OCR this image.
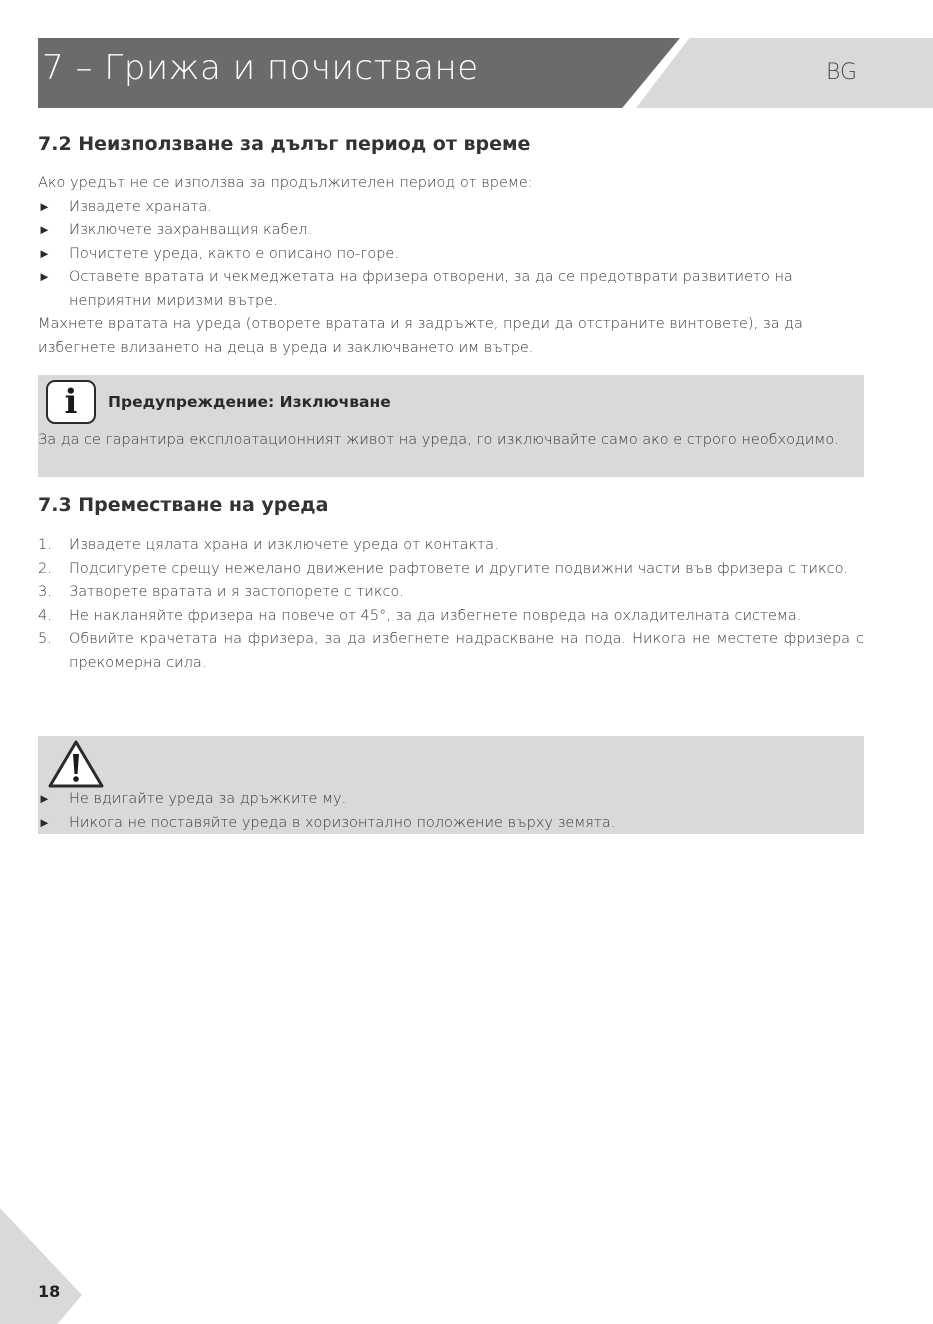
7 – Грижа и почистване	BG
7.2 Неизползване за дълъг период от време

Ако уредът не се използва за продължителен период от време:

►	Извадете храната.
►	Изключете захранващия кабел.
►	Почистете уреда, както е описано по-горе.
►	Оставете вратата и чекмеджетата на фризера отворени, за да се предотврати развитието на неприятни миризми вътре.

Махнете вратата на уреда (отворете вратата и я задръжте, преди да отстраните винтовете), за да избегнете влизането на деца в уреда и заключването им вътре.

i	Предупреждение: Изключване
За да се гарантира експлоатационният живот на уреда, го изключвайте само ако е строго необходимо.
7.3 Преместване на уреда
1.	Извадете цялата храна и изключете уреда от контакта.
2.	Подсигурете срещу нежелано движение рафтовете и другите подвижни части във фризера с тиксо.
3.	Затворете вратата и я застопорете с тиксо.
4.	Не накланяйте фризера на повече от 45°, за да избегнете повреда на охладителната система.
5.	Обвийте крачетата на фризера, за да избегнете надраскване на пода. Никога не местете фризера с прекомерна сила.
►	Не вдигайте уреда за дръжките му.
►	Никога не поставяйте уреда в хоризонтално положение върху земята.
18
